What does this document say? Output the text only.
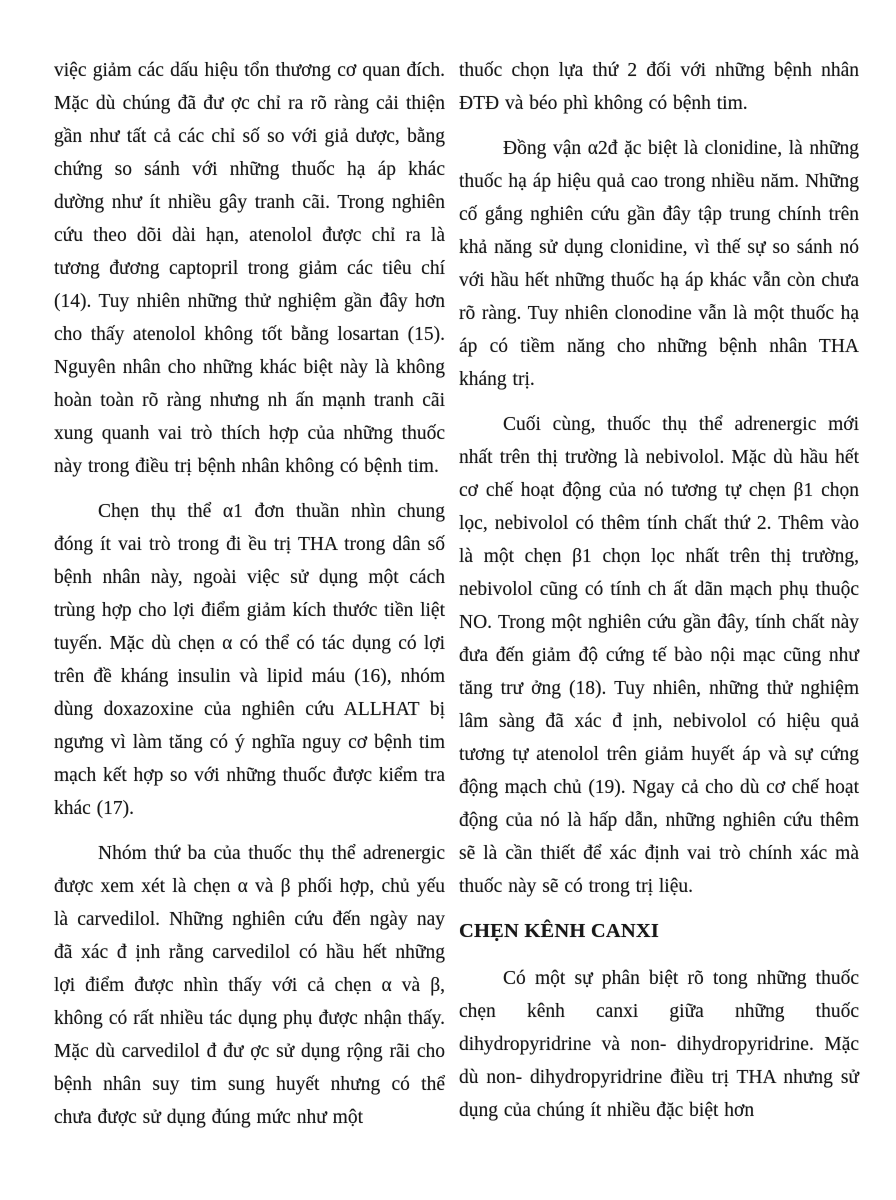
việc giảm các dấu hiệu tổn thương cơ quan đích. Mặc dù chúng đã đư ợc chỉ ra rõ ràng cải thiện gần như tất cả các chỉ số so với giả dược, bằng chứng so sánh với những thuốc hạ áp khác dường như ít nhiều gây tranh cãi. Trong nghiên cứu theo dõi dài hạn, atenolol được chỉ ra là tương đương captopril trong giảm các tiêu chí (14). Tuy nhiên những thử nghiệm gần đây hơn cho thấy atenolol không tốt bằng losartan (15). Nguyên nhân cho những khác biệt này là không hoàn toàn rõ ràng nhưng nh ấn mạnh tranh cãi xung quanh vai trò thích hợp của những thuốc này trong điều trị bệnh nhân không có bệnh tim.

Chẹn thụ thể α1 đơn thuần nhìn chung đóng ít vai trò trong đi ều trị THA trong dân số bệnh nhân này, ngoài việc sử dụng một cách trùng hợp cho lợi điểm giảm kích thước tiền liệt tuyến. Mặc dù chẹn α có thể có tác dụng có lợi trên đề kháng insulin và lipid máu (16), nhóm dùng doxazoxine của nghiên cứu ALLHAT bị ngưng vì làm tăng có ý nghĩa nguy cơ bệnh tim mạch kết hợp so với những thuốc được kiểm tra khác (17).

Nhóm thứ ba của thuốc thụ thể adrenergic được xem xét là chẹn α và β phối hợp, chủ yếu là carvedilol. Những nghiên cứu đến ngày nay đã xác đ ịnh rằng carvedilol có hầu hết những lợi điểm được nhìn thấy với cả chẹn α và β, không có rất nhiều tác dụng phụ được nhận thấy. Mặc dù carvedilol đ đư ợc sử dụng rộng rãi cho bệnh nhân suy tim sung huyết nhưng có thể chưa được sử dụng đúng mức như một

thuốc chọn lựa thứ 2 đối với những bệnh nhân ĐTĐ và béo phì không có bệnh tim.

Đồng vận α2đ ặc biệt là clonidine, là những thuốc hạ áp hiệu quả cao trong nhiều năm. Những cố gắng nghiên cứu gần đây tập trung chính trên khả năng sử dụng clonidine, vì thế sự so sánh nó với hầu hết những thuốc hạ áp khác vẫn còn chưa rõ ràng. Tuy nhiên clonodine vẫn là một thuốc hạ áp có tiềm năng cho những bệnh nhân THA kháng trị.

Cuối cùng, thuốc thụ thể adrenergic mới nhất trên thị trường là nebivolol. Mặc dù hầu hết cơ chế hoạt động của nó tương tự chẹn β1 chọn lọc, nebivolol có thêm tính chất thứ 2. Thêm vào là một chẹn β1 chọn lọc nhất trên thị trường, nebivolol cũng có tính ch ất dãn mạch phụ thuộc NO. Trong một nghiên cứu gần đây, tính chất này đưa đến giảm độ cứng tế bào nội mạc cũng như tăng trư ởng (18). Tuy nhiên, những thử nghiệm lâm sàng đã xác đ ịnh, nebivolol có hiệu quả tương tự atenolol trên giảm huyết áp và sự cứng động mạch chủ (19). Ngay cả cho dù cơ chế hoạt động của nó là hấp dẫn, những nghiên cứu thêm sẽ là cần thiết để xác định vai trò chính xác mà thuốc này sẽ có trong trị liệu.

CHẸN KÊNH CANXI

Có một sự phân biệt rõ tong những thuốc chẹn kênh canxi giữa những thuốc dihydropyridrine và non- dihydropyridrine. Mặc dù non- dihydropyridrine điều trị THA nhưng sử dụng của chúng ít nhiều đặc biệt hơn
